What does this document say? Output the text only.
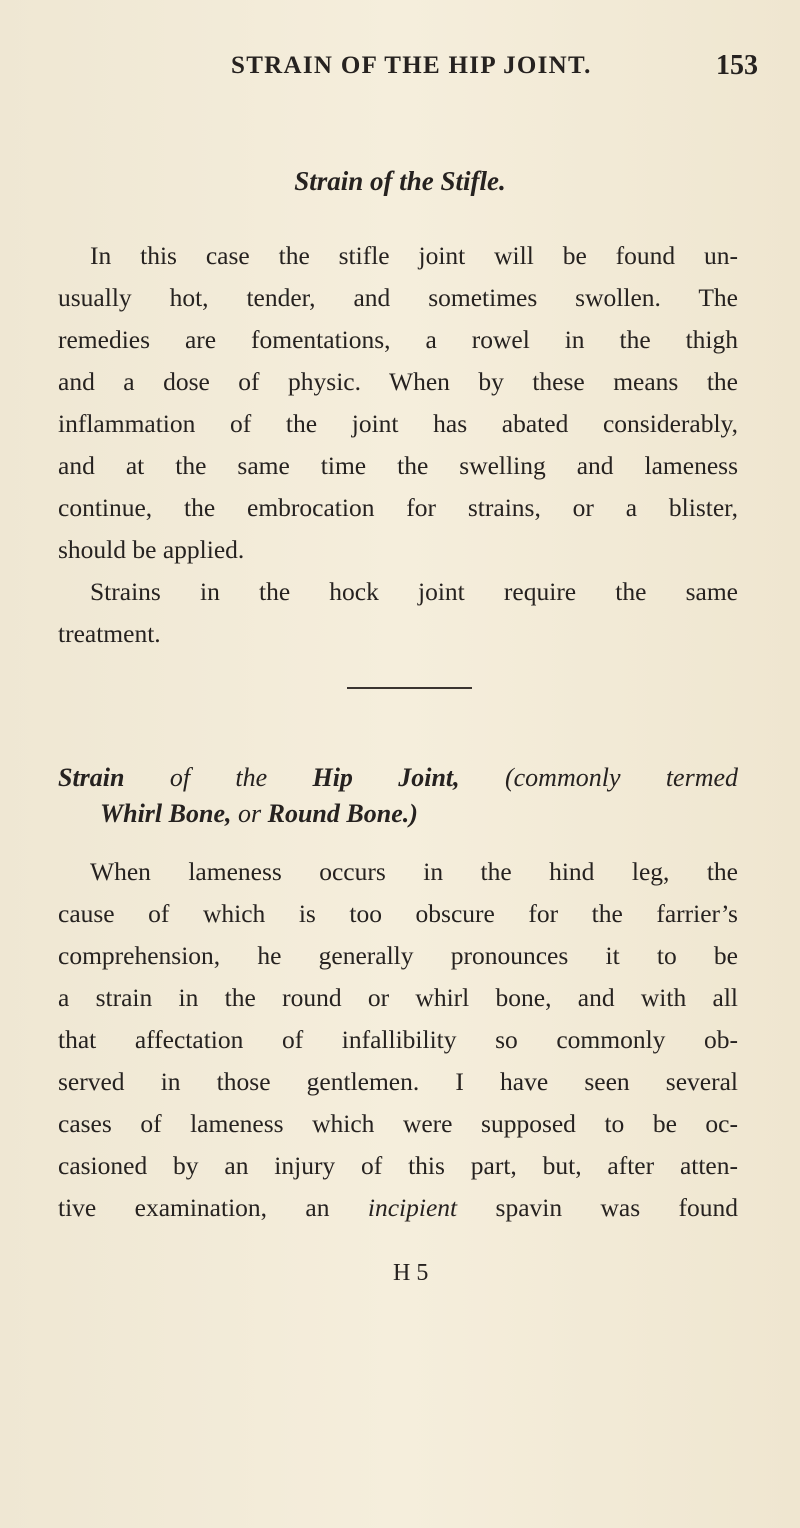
STRAIN OF THE HIP JOINT.	153
Strain of the Stifle.

In this case the stifle joint will be found un-
usually hot, tender, and sometimes swollen. The
remedies are fomentations, a rowel in the thigh
and a dose of physic. When by these means the
inflammation of the joint has abated considerably,
and at the same time the swelling and lameness
continue, the embrocation for strains, or a blister,
should be applied.

Strains in the hock joint require the same
treatment.

Strain of the Hip Joint, (commonly termed
Whirl Bone, or Round Bone.)

When lameness occurs in the hind leg, the
cause of which is too obscure for the farrier’s
comprehension, he generally pronounces it to be
a strain in the round or whirl bone, and with all
that affectation of infallibility so commonly ob-
served in those gentlemen. I have seen several
cases of lameness which were supposed to be oc-
casioned by an injury of this part, but, after atten-
tive examination, an incipient spavin was found

H 5
